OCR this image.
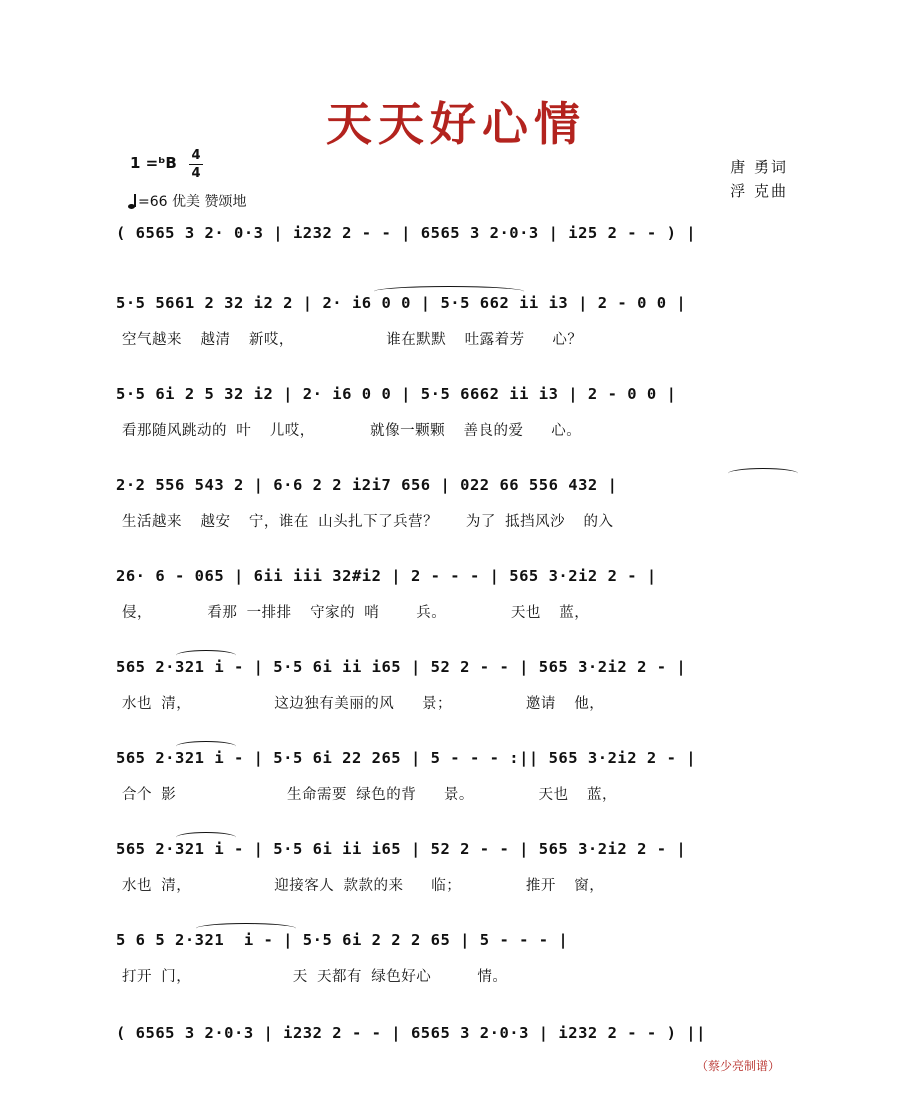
天天好心情
1 =ᵇB 4
4
=66 优美 赞颂地
唐 勇词
浮 克曲
( 6565 3 2· 0·3 | i232 2 - - | 6565 3 2·0·3 | i25 2 - - ) |
5·5 5661 2 32 i2 2 | 2· i6 0 0 | 5·5 662 ii i3 | 2 - 0 0 |
空气越来  越清  新哎，          谁在默默  吐露着芳   心？
5·5 6i 2 5 32 i2 | 2· i6 0 0 | 5·5 6662 ii i3 | 2 - 0 0 |
看那随风跳动的 叶  儿哎，      就像一颗颗  善良的爱   心。
2·2 556 543 2 | 6·6 2 2 i2i7 656 | 022 66 556 432 |
生活越来  越安  宁，谁在 山头扎下了兵营？   为了 抵挡风沙  的入
26· 6 - 065 | 6ii iii 32#i2 | 2 - - - | 565 3·2i2 2 - |
侵，      看那 一排排  守家的 哨    兵。       天也  蓝，
565 2·321 i - | 5·5 6i ii i65 | 52 2 - - | 565 3·2i2 2 - |
水也 清，         这边独有美丽的风   景；        邀请  他，
565 2·321 i - | 5·5 6i 22 265 | 5 - - - :|| 565 3·2i2 2 - |
合个 影            生命需要 绿色的背   景。       天也  蓝，
565 2·321 i - | 5·5 6i ii i65 | 52 2 - - | 565 3·2i2 2 - |
水也 清，         迎接客人 款款的来   临；       推开  窗，
5 6 5 2·321  i - | 5·5 6i 2 2 2 65 | 5 - - - |
打开 门，           天 天都有 绿色好心     情。
( 6565 3 2·0·3 | i232 2 - - | 6565 3 2·0·3 | i232 2 - - ) ||
（蔡少亮制谱）
